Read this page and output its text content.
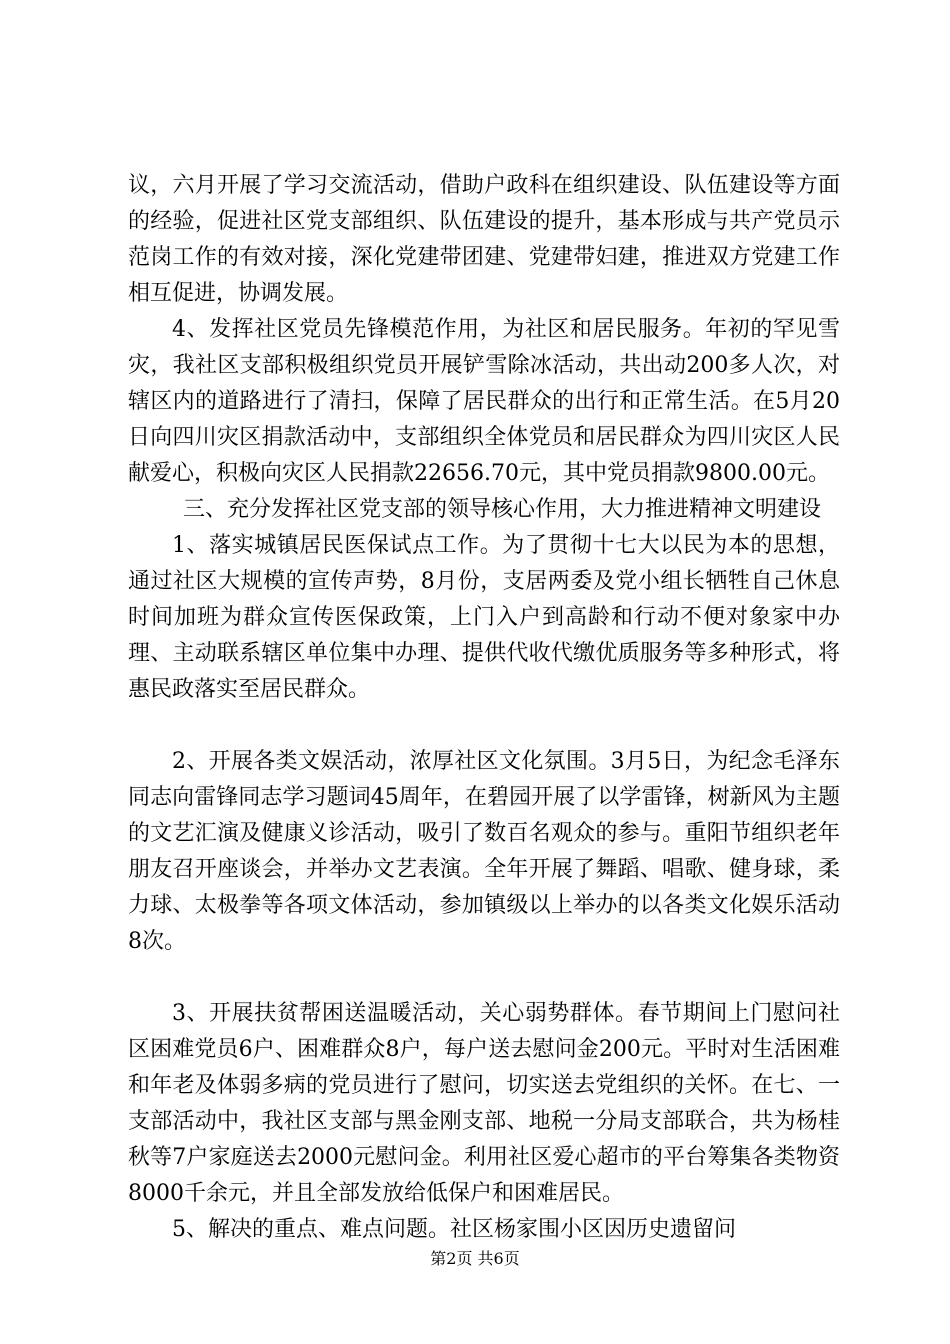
议，六月开展了学习交流活动，借助户政科在组织建设、队伍建设等方面的经验，促进社区党支部组织、队伍建设的提升，基本形成与共产党员示范岗工作的有效对接，深化党建带团建、党建带妇建，推进双方党建工作相互促进，协调发展。

4、发挥社区党员先锋模范作用，为社区和居民服务。年初的罕见雪灾，我社区支部积极组织党员开展铲雪除冰活动，共出动200多人次，对辖区内的道路进行了清扫，保障了居民群众的出行和正常生活。在5月20日向四川灾区捐款活动中，支部组织全体党员和居民群众为四川灾区人民献爱心，积极向灾区人民捐款22656.70元，其中党员捐款9800.00元。

三、充分发挥社区党支部的领导核心作用，大力推进精神文明建设

1、落实城镇居民医保试点工作。为了贯彻十七大以民为本的思想，通过社区大规模的宣传声势，8月份，支居两委及党小组长牺牲自己休息时间加班为群众宣传医保政策，上门入户到高龄和行动不便对象家中办理、主动联系辖区单位集中办理、提供代收代缴优质服务等多种形式，将惠民政落实至居民群众。

2、开展各类文娱活动，浓厚社区文化氛围。3月5日，为纪念毛泽东同志向雷锋同志学习题词45周年，在碧园开展了以学雷锋，树新风为主题的文艺汇演及健康义诊活动，吸引了数百名观众的参与。重阳节组织老年朋友召开座谈会，并举办文艺表演。全年开展了舞蹈、唱歌、健身球，柔力球、太极拳等各项文体活动，参加镇级以上举办的以各类文化娱乐活动8次。

3、开展扶贫帮困送温暖活动，关心弱势群体。春节期间上门慰问社区困难党员6户、困难群众8户，每户送去慰问金200元。平时对生活困难和年老及体弱多病的党员进行了慰问，切实送去党组织的关怀。在七、一支部活动中，我社区支部与黑金刚支部、地税一分局支部联合，共为杨桂秋等7户家庭送去2000元慰问金。利用社区爱心超市的平台筹集各类物资8000千余元，并且全部发放给低保户和困难居民。

5、解决的重点、难点问题。社区杨家围小区因历史遗留问

第2页 共6页
